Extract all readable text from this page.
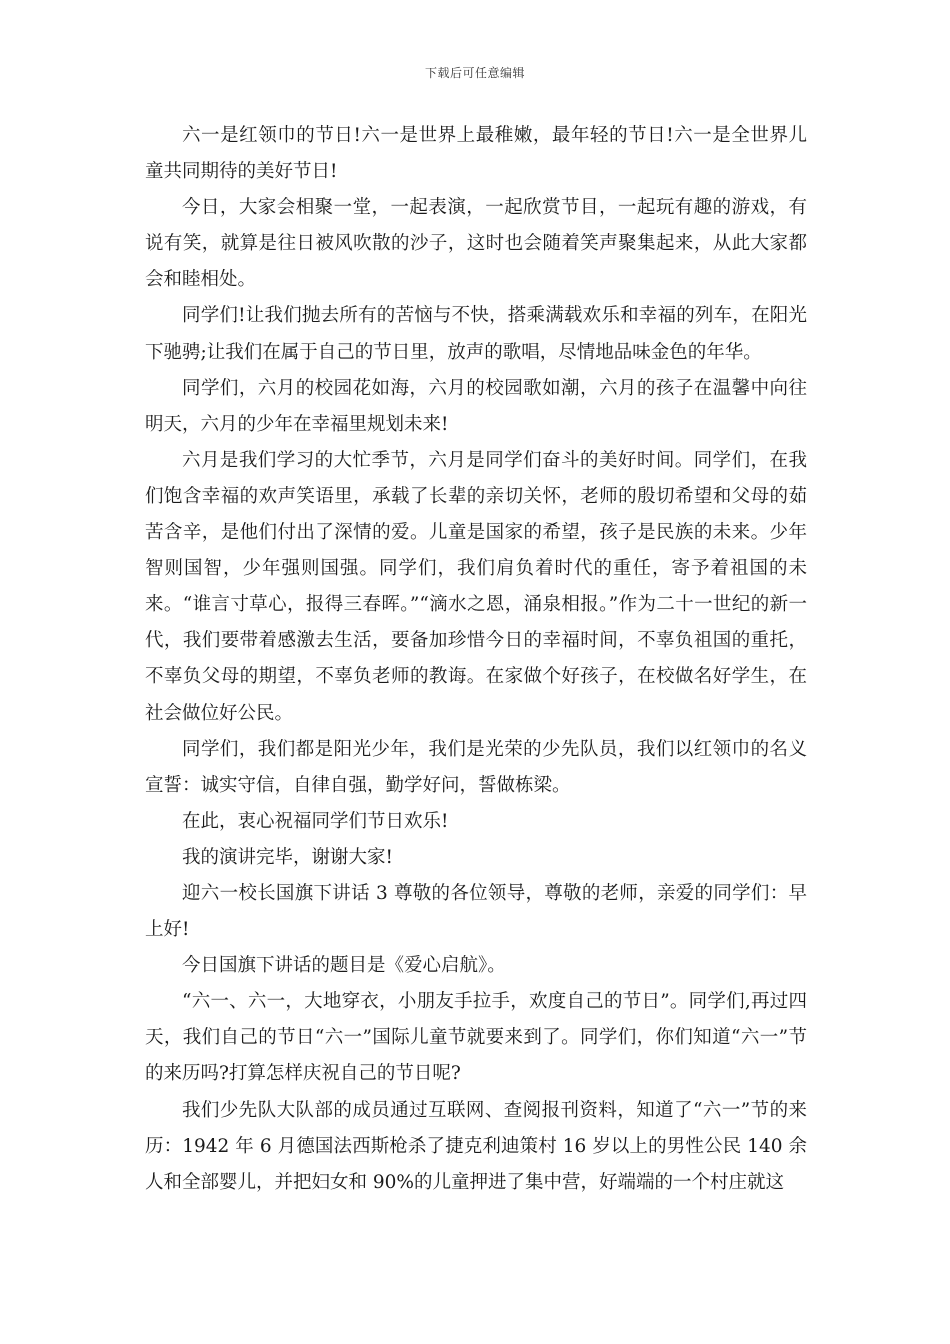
下载后可任意编辑

六一是红领巾的节日!六一是世界上最稚嫩，最年轻的节日!六一是全世界儿童共同期待的美好节日!

今日，大家会相聚一堂，一起表演，一起欣赏节目，一起玩有趣的游戏，有说有笑，就算是往日被风吹散的沙子，这时也会随着笑声聚集起来，从此大家都会和睦相处。

同学们!让我们抛去所有的苦恼与不快，搭乘满载欢乐和幸福的列车，在阳光下驰骋;让我们在属于自己的节日里，放声的歌唱，尽情地品味金色的年华。

同学们，六月的校园花如海，六月的校园歌如潮，六月的孩子在温馨中向往明天，六月的少年在幸福里规划未来!

六月是我们学习的大忙季节，六月是同学们奋斗的美好时间。同学们，在我们饱含幸福的欢声笑语里，承载了长辈的亲切关怀，老师的殷切希望和父母的茹苦含辛，是他们付出了深情的爱。儿童是国家的希望，孩子是民族的未来。少年智则国智，少年强则国强。同学们，我们肩负着时代的重任，寄予着祖国的未来。“谁言寸草心，报得三春晖。”“滴水之恩，涌泉相报。”作为二十一世纪的新一代，我们要带着感激去生活，要备加珍惜今日的幸福时间，不辜负祖国的重托，不辜负父母的期望，不辜负老师的教诲。在家做个好孩子，在校做名好学生，在社会做位好公民。

同学们，我们都是阳光少年，我们是光荣的少先队员，我们以红领巾的名义宣誓：诚实守信，自律自强，勤学好问，誓做栋梁。

在此，衷心祝福同学们节日欢乐!

我的演讲完毕，谢谢大家!

迎六一校长国旗下讲话 3 尊敬的各位领导，尊敬的老师，亲爱的同学们：早上好!

今日国旗下讲话的题目是《爱心启航》。

“六一、六一，大地穿衣，小朋友手拉手，欢度自己的节日”。同学们,再过四天，我们自己的节日“六一”国际儿童节就要来到了。同学们，你们知道“六一”节的来历吗?打算怎样庆祝自己的节日呢?

我们少先队大队部的成员通过互联网、查阅报刊资料，知道了“六一”节的来历：1942 年 6 月德国法西斯枪杀了捷克利迪策村 16 岁以上的男性公民 140 余人和全部婴儿，并把妇女和 90%的儿童押进了集中营，好端端的一个村庄就这
